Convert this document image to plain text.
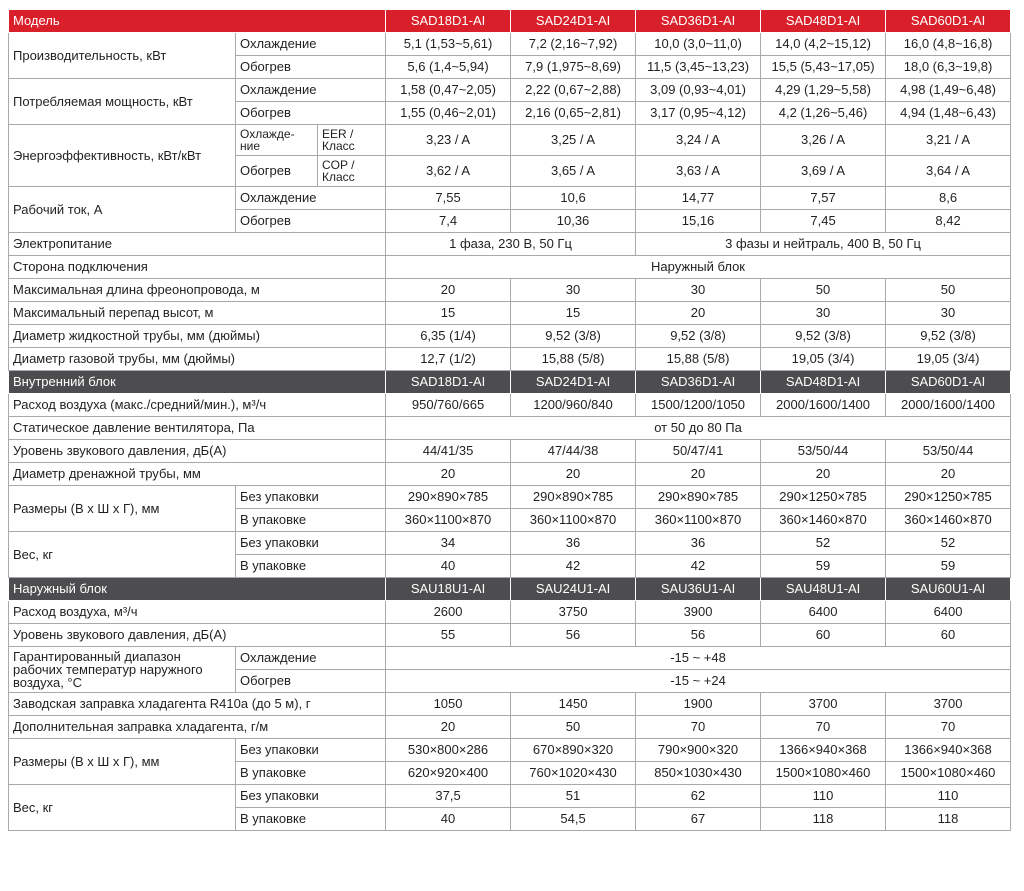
Модель			SAD18D1-AI	SAD24D1-AI	SAD36D1-AI	SAD48D1-AI	SAD60D1-AI
Производительность, кВт	Охлаждение		5,1 (1,53~5,61)	7,2 (2,16~7,92)	10,0 (3,0~11,0)	14,0 (4,2~15,12)	16,0 (4,8~16,8)
	Обогрев		5,6 (1,4~5,94)	7,9 (1,975~8,69)	11,5 (3,45~13,23)	15,5 (5,43~17,05)	18,0 (6,3~19,8)
Потребляемая мощность, кВт	Охлаждение		1,58 (0,47~2,05)	2,22 (0,67~2,88)	3,09 (0,93~4,01)	4,29 (1,29~5,58)	4,98 (1,49~6,48)
	Обогрев		1,55 (0,46~2,01)	2,16 (0,65~2,81)	3,17 (0,95~4,12)	4,2 (1,26~5,46)	4,94 (1,48~6,43)
Энергоэффективность, кВт/кВт	Охлажде-ние	EER / Класс	3,23 / A	3,25 / A	3,24 / A	3,26 / A	3,21 / A
	Обогрев	COP / Класс	3,62 / A	3,65 / A	3,63 / A	3,69 / A	3,64 / A
Рабочий ток, А	Охлаждение		7,55	10,6	14,77	7,57	8,6
	Обогрев		7,4	10,36	15,16	7,45	8,42
Электропитание			1 фаза, 230 В, 50 Гц		3 фазы и нейтраль, 400 В, 50 Гц		
Сторона подключения			Наружный блок				
Максимальная длина фреонопровода, м			20	30	30	50	50
Максимальный перепад высот, м			15	15	20	30	30
Диаметр жидкостной трубы, мм (дюймы)			6,35 (1/4)	9,52 (3/8)	9,52 (3/8)	9,52 (3/8)	9,52 (3/8)
Диаметр газовой трубы, мм (дюймы)			12,7 (1/2)	15,88 (5/8)	15,88 (5/8)	19,05 (3/4)	19,05 (3/4)
Внутренний блок			SAD18D1-AI	SAD24D1-AI	SAD36D1-AI	SAD48D1-AI	SAD60D1-AI
Расход воздуха (макс./средний/мин.), м³/ч			950/760/665	1200/960/840	1500/1200/1050	2000/1600/1400	2000/1600/1400
Статическое давление вентилятора, Па			от 50 до 80 Па				
Уровень звукового давления, дБ(А)			44/41/35	47/44/38	50/47/41	53/50/44	53/50/44
Диаметр дренажной трубы, мм			20	20	20	20	20
Размеры (В х Ш х Г), мм	Без упаковки		290×890×785	290×890×785	290×890×785	290×1250×785	290×1250×785
	В упаковке		360×1100×870	360×1100×870	360×1100×870	360×1460×870	360×1460×870
Вес, кг	Без упаковки		34	36	36	52	52
	В упаковке		40	42	42	59	59
Наружный блок			SAU18U1-AI	SAU24U1-AI	SAU36U1-AI	SAU48U1-AI	SAU60U1-AI
Расход воздуха, м³/ч			2600	3750	3900	6400	6400
Уровень звукового давления, дБ(А)			55	56	56	60	60
Гарантированный диапазон рабочих температур наружного воздуха, °С	Охлаждение		-15 ~ +48				
	Обогрев		-15 ~ +24				
Заводская заправка хладагента R410a (до 5 м), г			1050	1450	1900	3700	3700
Дополнительная заправка хладагента, г/м			20	50	70	70	70
Размеры (В х Ш х Г), мм	Без упаковки		530×800×286	670×890×320	790×900×320	1366×940×368	1366×940×368
	В упаковке		620×920×400	760×1020×430	850×1030×430	1500×1080×460	1500×1080×460
Вес, кг	Без упаковки		37,5	51	62	110	110
	В упаковке		40	54,5	67	118	118
